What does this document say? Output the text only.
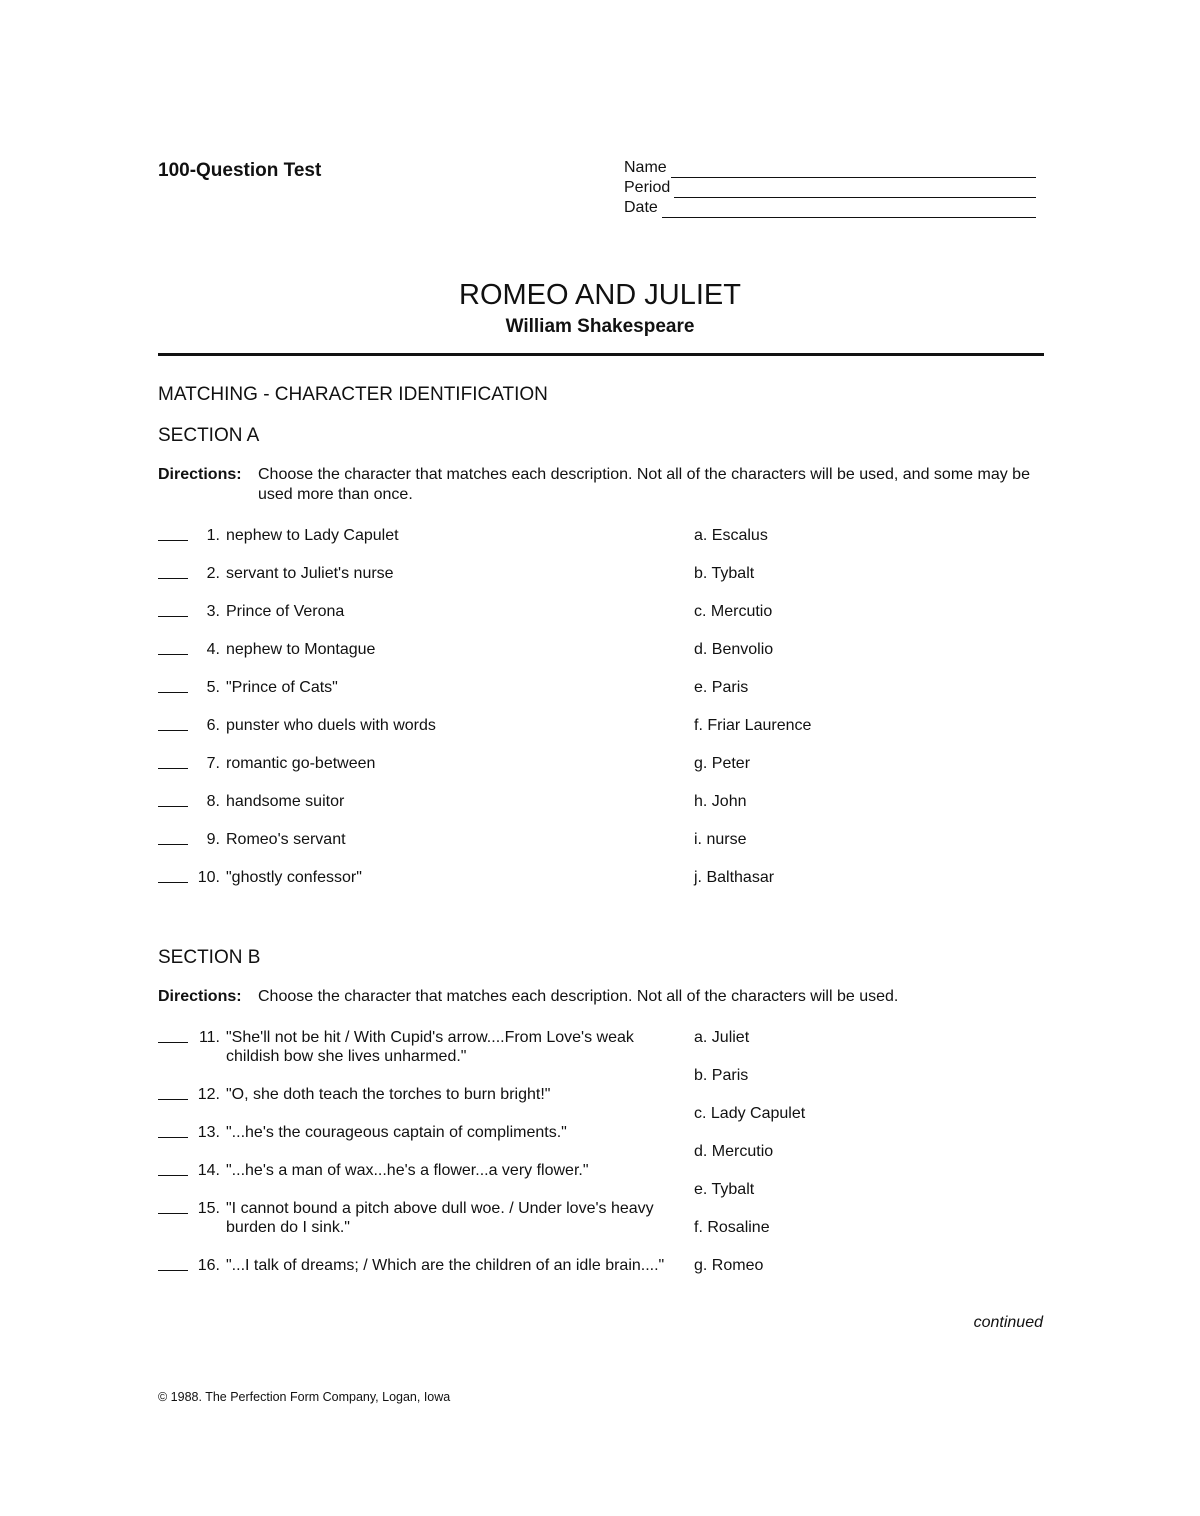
100-Question Test	Name
Period
Date
ROMEO AND JULIET
William Shakespeare
MATCHING - CHARACTER IDENTIFICATION
SECTION A
Directions:	Choose the character that matches each description. Not all of the characters will be used, and some may be used more than once.
1. nephew to Lady Capulet
2. servant to Juliet's nurse
3. Prince of Verona
4. nephew to Montague
5. "Prince of Cats"
6. punster who duels with words
7. romantic go-between
8. handsome suitor
9. Romeo's servant
10. "ghostly confessor"
a. Escalus
b. Tybalt
c. Mercutio
d. Benvolio
e. Paris
f. Friar Laurence
g. Peter
h. John
i. nurse
j. Balthasar
SECTION B
Directions:	Choose the character that matches each description. Not all of the characters will be used.
11. "She'll not be hit / With Cupid's arrow....From Love's weak childish bow she lives unharmed."
12. "O, she doth teach the torches to burn bright!"
13. "...he's the courageous captain of compliments."
14. "...he's a man of wax...he's a flower...a very flower."
15. "I cannot bound a pitch above dull woe. / Under love's heavy burden do I sink."
16. "...I talk of dreams; / Which are the children of an idle brain...."
a. Juliet
b. Paris
c. Lady Capulet
d. Mercutio
e. Tybalt
f. Rosaline
g. Romeo
continued
© 1988. The Perfection Form Company, Logan, Iowa
